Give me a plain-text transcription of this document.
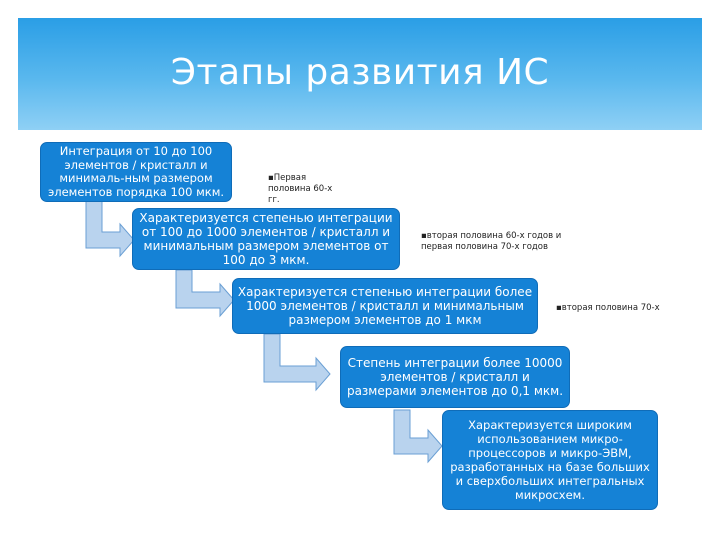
Этапы развития ИС
Интеграция от 10 до 100 элементов / кристалл и минималь-ным размером элементов порядка 100 мкм.
▪Первая половина 60-х гг.
Характеризуется степенью интеграции от 100 до 1000 элементов / кристалл и минимальным размером элементов от 100 до 3 мкм.
▪вторая половина 60-х годов и первая половина 70-х годов
Характеризуется степенью интеграции более 1000 элементов / кристалл и минимальным размером элементов до 1 мкм
▪вторая половина 70-х
Степень интеграции более 10000 элементов / кристалл и размерами элементов до 0,1 мкм.
Характеризуется широким использованием микро-процессоров и микро-ЭВМ, разработанных на базе больших и сверхбольших интегральных микросхем.
